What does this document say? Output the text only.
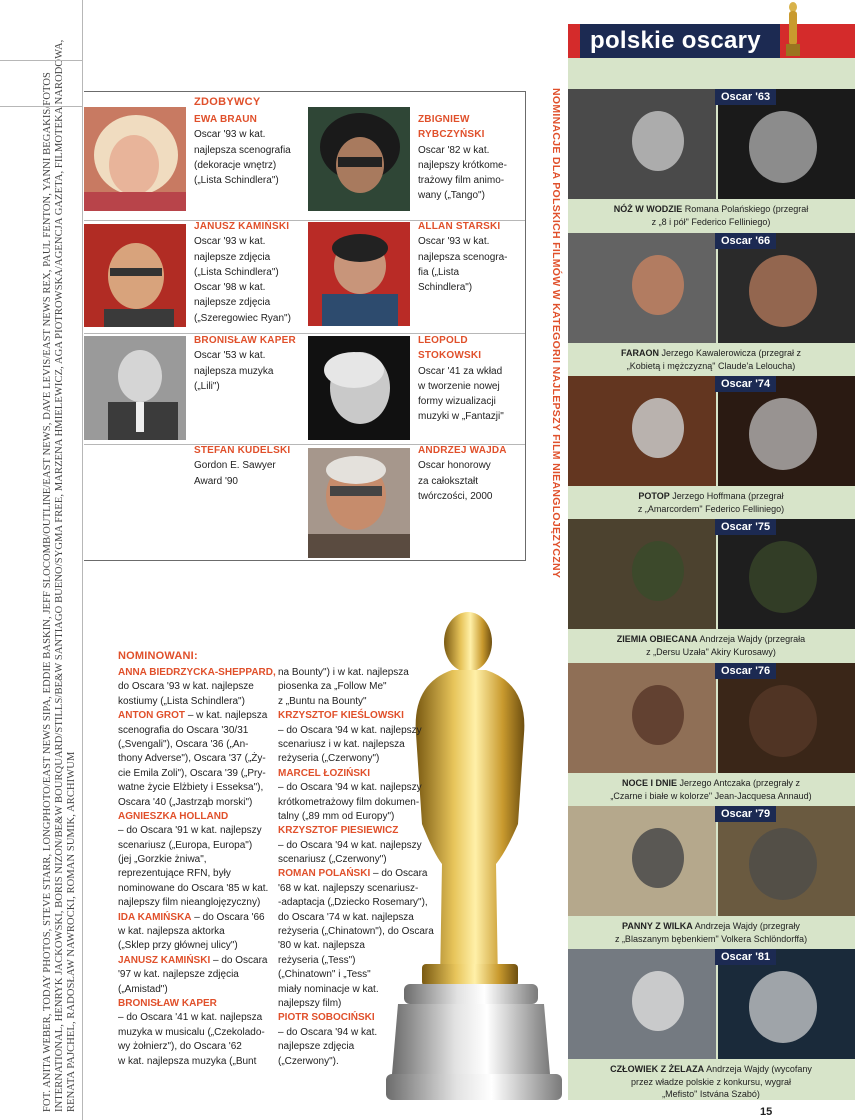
FOT. ANITA WEBER, TODAY PHOTOS, STEVE STARR, LONGPHOTO/EAST NEWS SIPA, EDDIE BASKIN, JEFF SLOCOMB/OUTLINE/EAST NEWS, DAVE LEVIS/EAST NEWS REX, PAUL FENTON, YANNI BEGAKIS/FOTOS INTERNATIONAL, HENRYK JACKOWSKI, BORIS NIZON/BE&W BOURQUARD/STILLS/BE&W SANTIAGO BUENO/SYGMA FREE, MARZENA HMIELEWICZ, AGA PIOTROWSKA/AGENCJA GAZETA, FILMOTEKA NARODOWA, RENATA PAJCHEL, RADOSŁAW NAWROCKI, ROMAN SUMIK, ARCHIWUM
ZDOBYWCY
EWA BRAUN
Oscar '93 w kat.
najlepsza scenografia
(dekoracje wnętrz)
(„Lista Schindlera")
ZBIGNIEW
RYBCZYŃSKI
Oscar '82 w kat.
najlepszy krótkome-
trażowy film animo-
wany („Tango")
JANUSZ KAMIŃSKI
Oscar '93 w kat.
najlepsze zdjęcia
(„Lista Schindlera")
Oscar '98 w kat.
najlepsze zdjęcia
(„Szeregowiec Ryan")
ALLAN STARSKI
Oscar '93 w kat.
najlepsza scenogra-
fia („Lista
Schindlera")
BRONISŁAW KAPER
Oscar '53 w kat.
najlepsza muzyka
(„Lili")
LEOPOLD
STOKOWSKI
Oscar '41 za wkład
w tworzenie nowej
formy wizualizacji
muzyki w „Fantazji"
STEFAN KUDELSKI
Gordon E. Sawyer
Award '90
ANDRZEJ WAJDA
Oscar honorowy
za całokształt
twórczości, 2000	NOMINACJE DLA POLSKICH FILMÓW W KATEGORII NAJLEPSZY FILM NIEANGLOJĘZYCZNY
NOMINOWANI:
ANNA BIEDRZYCKA-SHEPPARD,
do Oscara '93 w kat. najlepsze
kostiumy („Lista Schindlera")
ANTON GROT – w kat. najlepsza
scenografia do Oscara '30/31
(„Svengali"), Oscara '36 („An-
thony Adverse"), Oscara '37 („Ży-
cie Emila Zoli"), Oscara '39 („Pry-
watne życie Elżbiety i Esseksa"),
Oscara '40 („Jastrząb morski")
AGNIESZKA HOLLAND
– do Oscara '91 w kat. najlepszy
scenariusz („Europa, Europa")
(jej „Gorzkie żniwa",
reprezentujące RFN, były
nominowane do Oscara '85 w kat.
najlepszy film nieanglojęzyczny)
IDA KAMIŃSKA – do Oscara '66
w kat. najlepsza aktorka
(„Sklep przy głównej ulicy")
JANUSZ KAMIŃSKI – do Oscara
'97 w kat. najlepsze zdjęcia
(„Amistad")
BRONISŁAW KAPER
– do Oscara '41 w kat. najlepsza
muzyka w musicalu („Czekolado-
wy żołnierz"), do Oscara '62
w kat. najlepsza muzyka („Bunt
na Bounty") i w kat. najlepsza
piosenka za „Follow Me"
z „Buntu na Bounty"
KRZYSZTOF KIEŚLOWSKI
– do Oscara '94 w kat. najlepszy
scenariusz i w kat. najlepsza
reżyseria („Czerwony")
MARCEL ŁOZIŃSKI
– do Oscara '94 w kat. najlepszy
krótkometrażowy film dokumen-
talny („89 mm od Europy")
KRZYSZTOF PIESIEWICZ
– do Oscara '94 w kat. najlepszy
scenariusz („Czerwony")
ROMAN POLAŃSKI – do Oscara
'68 w kat. najlepszy scenariusz-
-adaptacja („Dziecko Rosemary"),
do Oscara '74 w kat. najlepsza
reżyseria („Chinatown"), do Oscara
'80 w kat. najlepsza
reżyseria („Tess")
(„Chinatown" i „Tess"
miały nominacje w kat.
najlepszy film)
PIOTR SOBOCIŃSKI
– do Oscara '94 w kat.
najlepsze zdjęcia
(„Czerwony").
polskie oscary
Oscar '63
NÓŻ W WODZIE Romana Polańskiego (przegrał
z „8 i pół" Federico Felliniego)
Oscar '66
FARAON Jerzego Kawalerowicza (przegrał z
„Kobietą i mężczyzną" Claude'a Leloucha)
Oscar '74
POTOP Jerzego Hoffmana (przegrał
z „Amarcordem" Federico Felliniego)
Oscar '75
ZIEMIA OBIECANA Andrzeja Wajdy (przegrała
z „Dersu Uzała" Akiry Kurosawy)
Oscar '76
NOCE I DNIE Jerzego Antczaka (przegrały z
„Czarne i białe w kolorze" Jean-Jacquesa Annaud)
Oscar '79
PANNY Z WILKA Andrzeja Wajdy (przegrały
z „Blaszanym bębenkiem" Volkera Schlöndorffa)
Oscar '81
CZŁOWIEK Z ŻELAZA Andrzeja Wajdy (wycofany
przez władze polskie z konkursu, wygrał
„Mefisto" Istvána Szabó)
15
